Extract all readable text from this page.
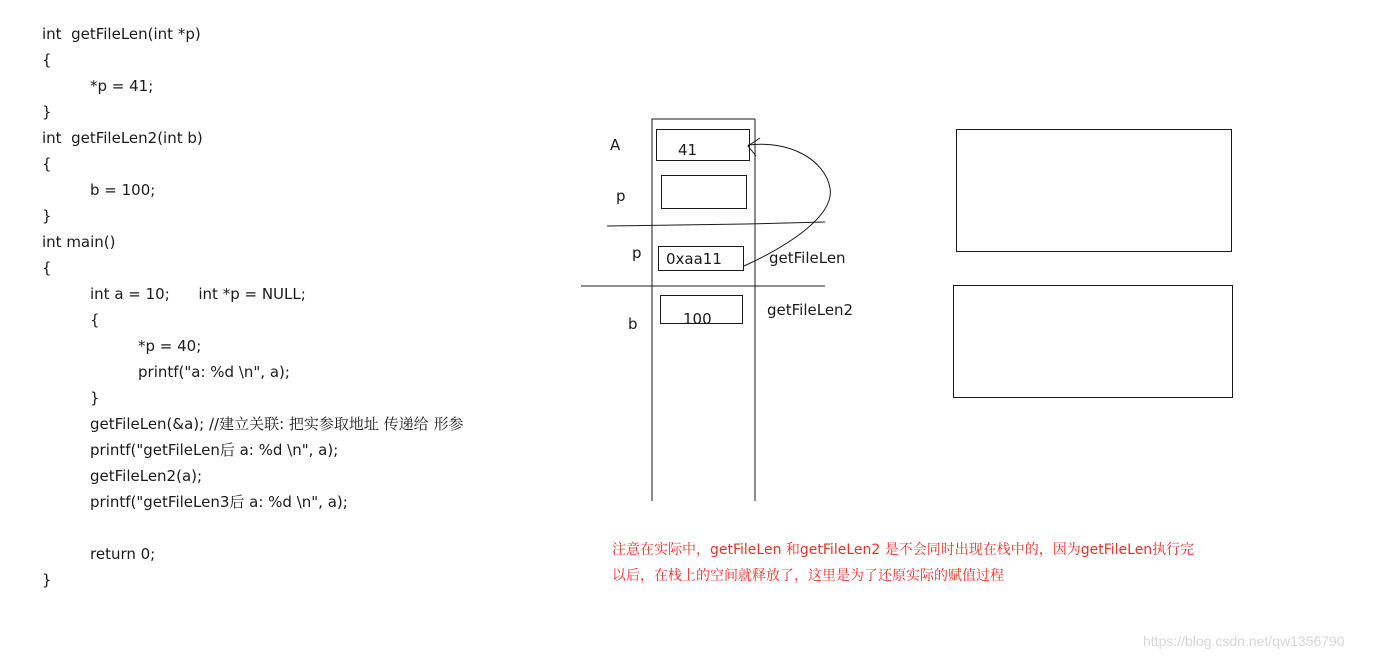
int  getFileLen(int *p)
{
*p = 41;
}
int  getFileLen2(int b)
{
b = 100;
}
int main()
{
int a = 10;      int *p = NULL;
{
*p = 40;
printf("a: %d \n", a);
}
getFileLen(&a); //建立关联: 把实参取地址 传递给 形参
printf("getFileLen后 a: %d \n", a);
getFileLen2(a);
printf("getFileLen3后 a: %d \n", a);
return 0;
}
41
0xaa11
100
A
p
p
b
getFileLen
getFileLen2
注意在实际中，getFileLen 和getFileLen2 是不会同时出现在栈中的，因为getFileLen执行完
以后，在栈上的空间就释放了，这里是为了还原实际的赋值过程
https://blog.csdn.net/qw1356790
